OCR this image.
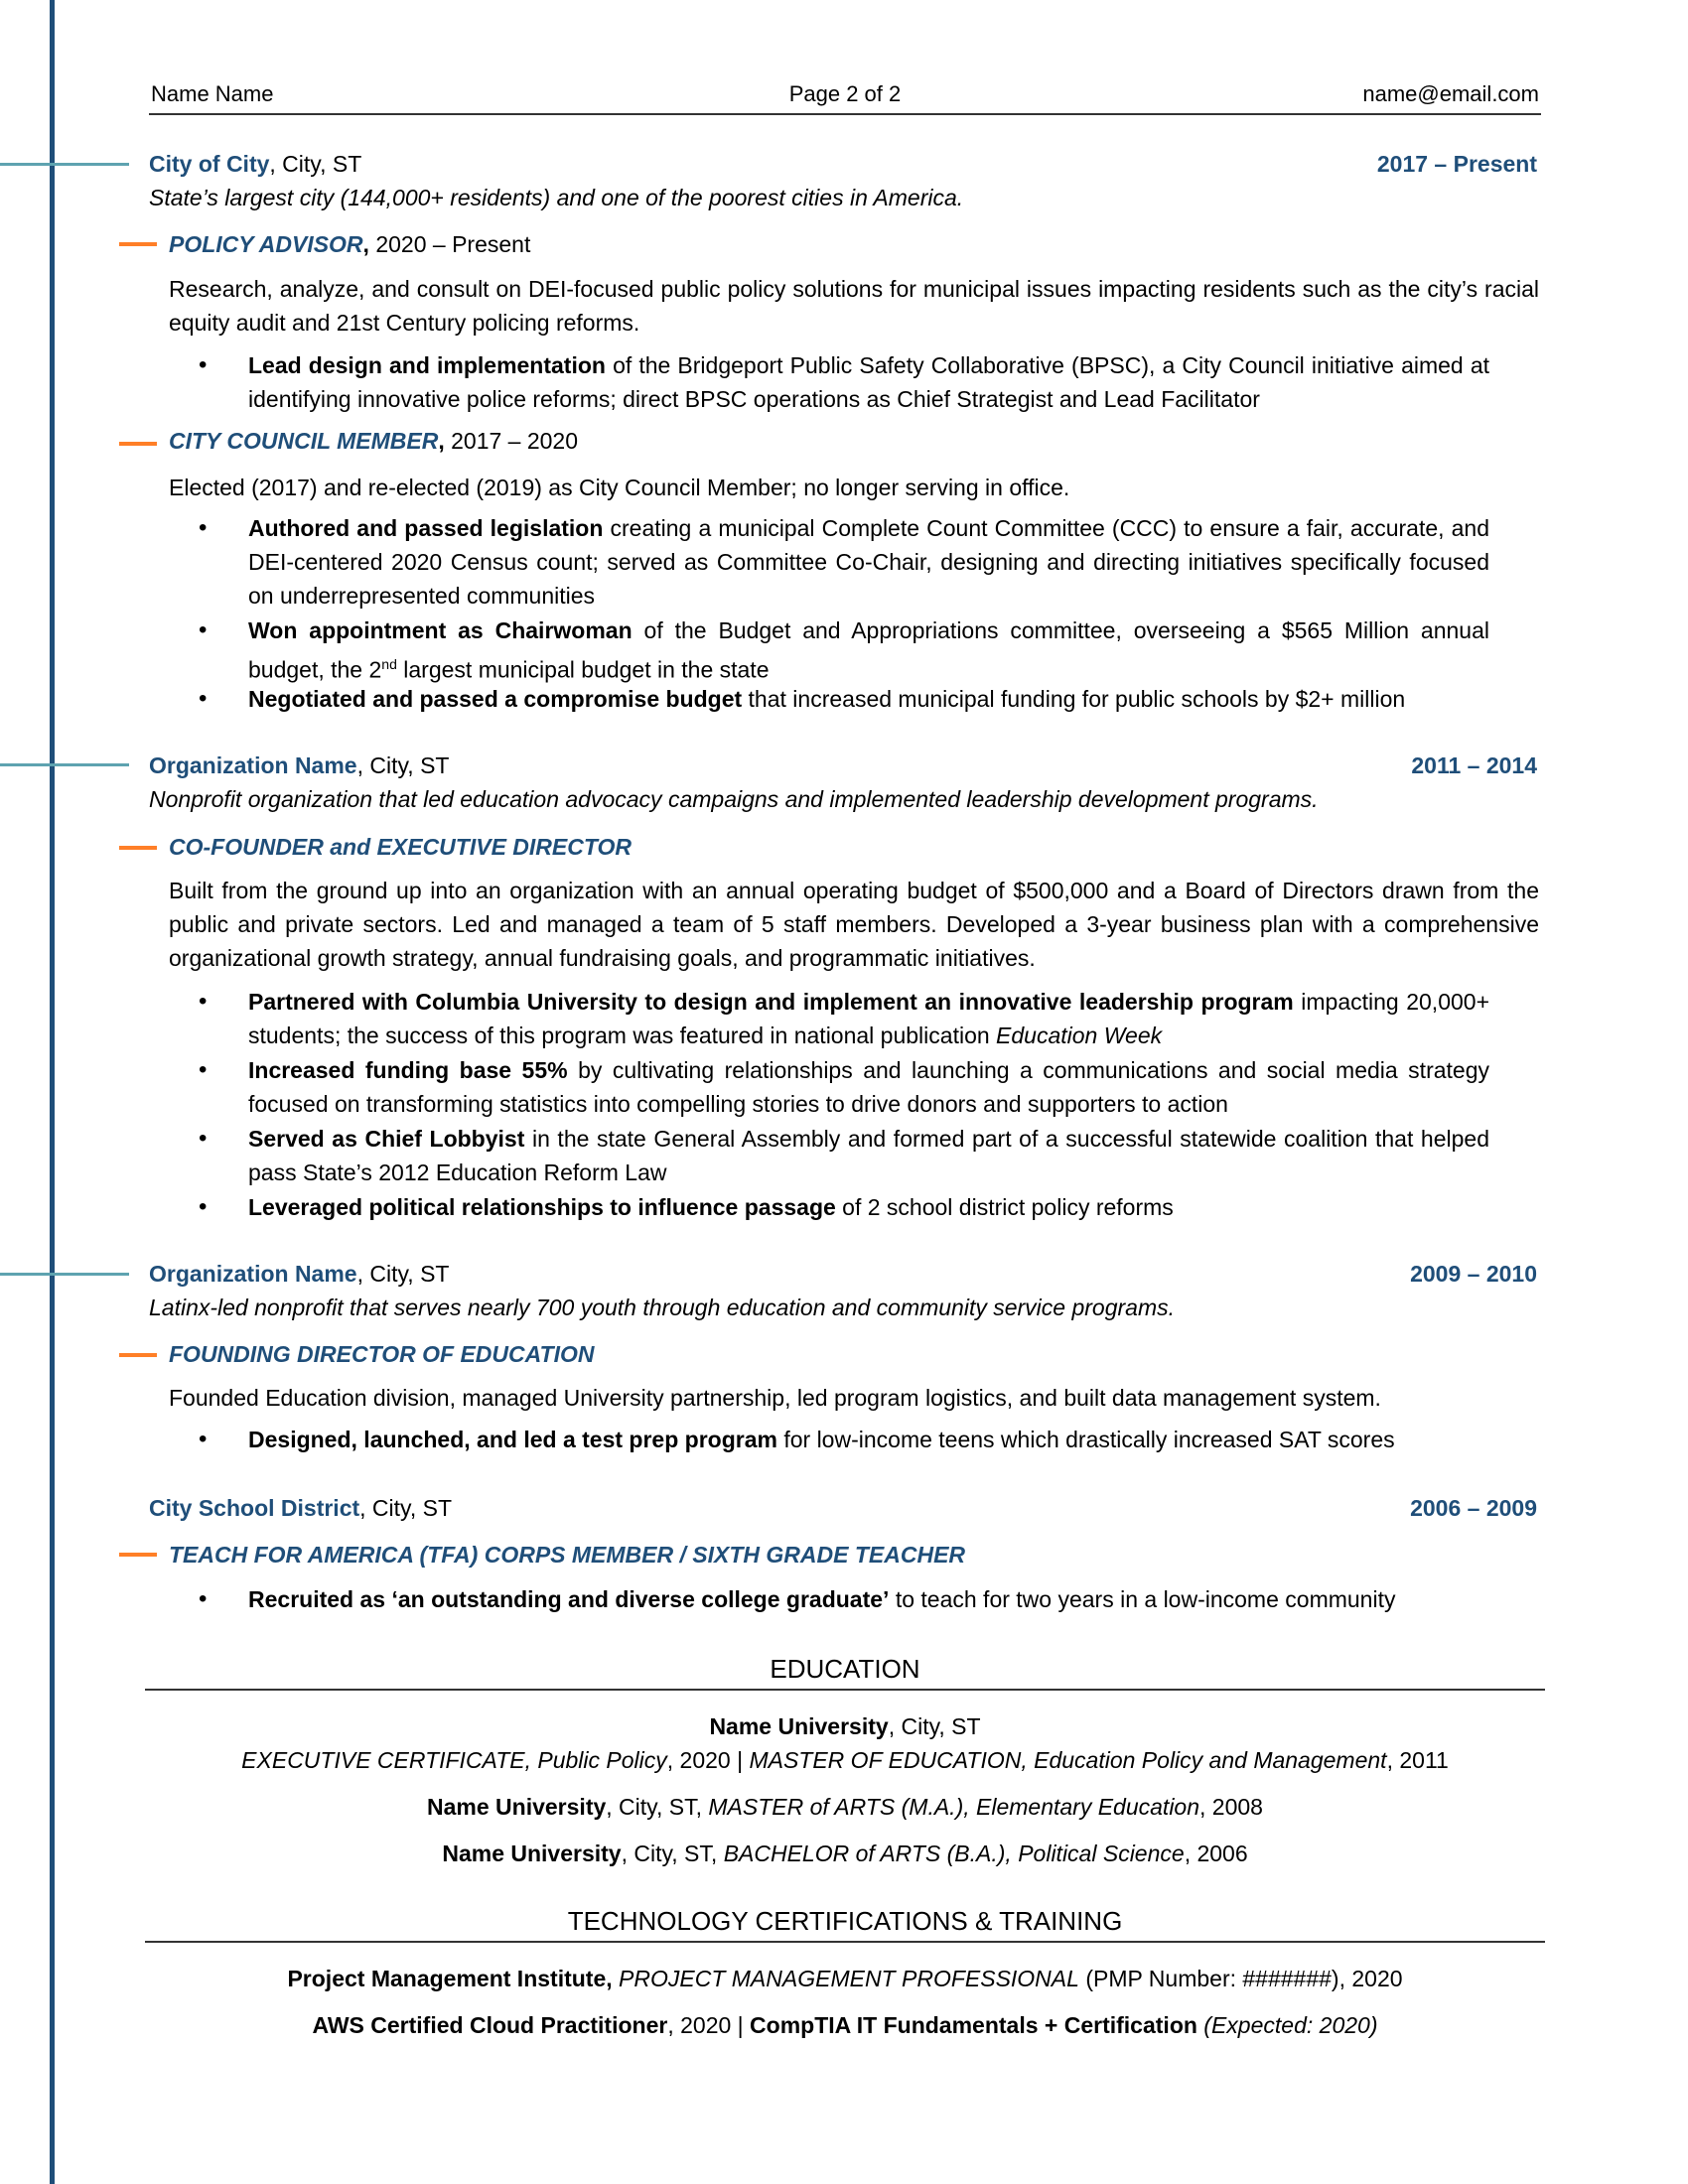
Name Name	Page 2 of 2	name@email.com
City of City, City, ST	2017 – Present
State’s largest city (144,000+ residents) and one of the poorest cities in America.
POLICY ADVISOR, 2020 – Present
Research, analyze, and consult on DEI-focused public policy solutions for municipal issues impacting residents such as the city’s racial equity audit and 21st Century policing reforms.
• Lead design and implementation of the Bridgeport Public Safety Collaborative (BPSC), a City Council initiative aimed at identifying innovative police reforms; direct BPSC operations as Chief Strategist and Lead Facilitator
CITY COUNCIL MEMBER, 2017 – 2020
Elected (2017) and re-elected (2019) as City Council Member; no longer serving in office.
• Authored and passed legislation creating a municipal Complete Count Committee (CCC) to ensure a fair, accurate, and DEI-centered 2020 Census count; served as Committee Co-Chair, designing and directing initiatives specifically focused on underrepresented communities
• Won appointment as Chairwoman of the Budget and Appropriations committee, overseeing a $565 Million annual budget, the 2nd largest municipal budget in the state
• Negotiated and passed a compromise budget that increased municipal funding for public schools by $2+ million
Organization Name, City, ST	2011 – 2014
Nonprofit organization that led education advocacy campaigns and implemented leadership development programs.
CO-FOUNDER and EXECUTIVE DIRECTOR
Built from the ground up into an organization with an annual operating budget of $500,000 and a Board of Directors drawn from the public and private sectors. Led and managed a team of 5 staff members. Developed a 3-year business plan with a comprehensive organizational growth strategy, annual fundraising goals, and programmatic initiatives.
• Partnered with Columbia University to design and implement an innovative leadership program impacting 20,000+ students; the success of this program was featured in national publication Education Week
• Increased funding base 55% by cultivating relationships and launching a communications and social media strategy focused on transforming statistics into compelling stories to drive donors and supporters to action
• Served as Chief Lobbyist in the state General Assembly and formed part of a successful statewide coalition that helped pass State’s 2012 Education Reform Law
• Leveraged political relationships to influence passage of 2 school district policy reforms
Organization Name, City, ST	2009 – 2010
Latinx-led nonprofit that serves nearly 700 youth through education and community service programs.
FOUNDING DIRECTOR OF EDUCATION
Founded Education division, managed University partnership, led program logistics, and built data management system.
• Designed, launched, and led a test prep program for low-income teens which drastically increased SAT scores
City School District, City, ST	2006 – 2009
TEACH FOR AMERICA (TFA) CORPS MEMBER / SIXTH GRADE TEACHER
• Recruited as ‘an outstanding and diverse college graduate’ to teach for two years in a low-income community
EDUCATION
Name University, City, ST
EXECUTIVE CERTIFICATE, Public Policy, 2020 | MASTER OF EDUCATION, Education Policy and Management, 2011
Name University, City, ST, MASTER of ARTS (M.A.), Elementary Education, 2008
Name University, City, ST, BACHELOR of ARTS (B.A.), Political Science, 2006
TECHNOLOGY CERTIFICATIONS & TRAINING
Project Management Institute, PROJECT MANAGEMENT PROFESSIONAL (PMP Number: #######), 2020
AWS Certified Cloud Practitioner, 2020 | CompTIA IT Fundamentals + Certification (Expected: 2020)
